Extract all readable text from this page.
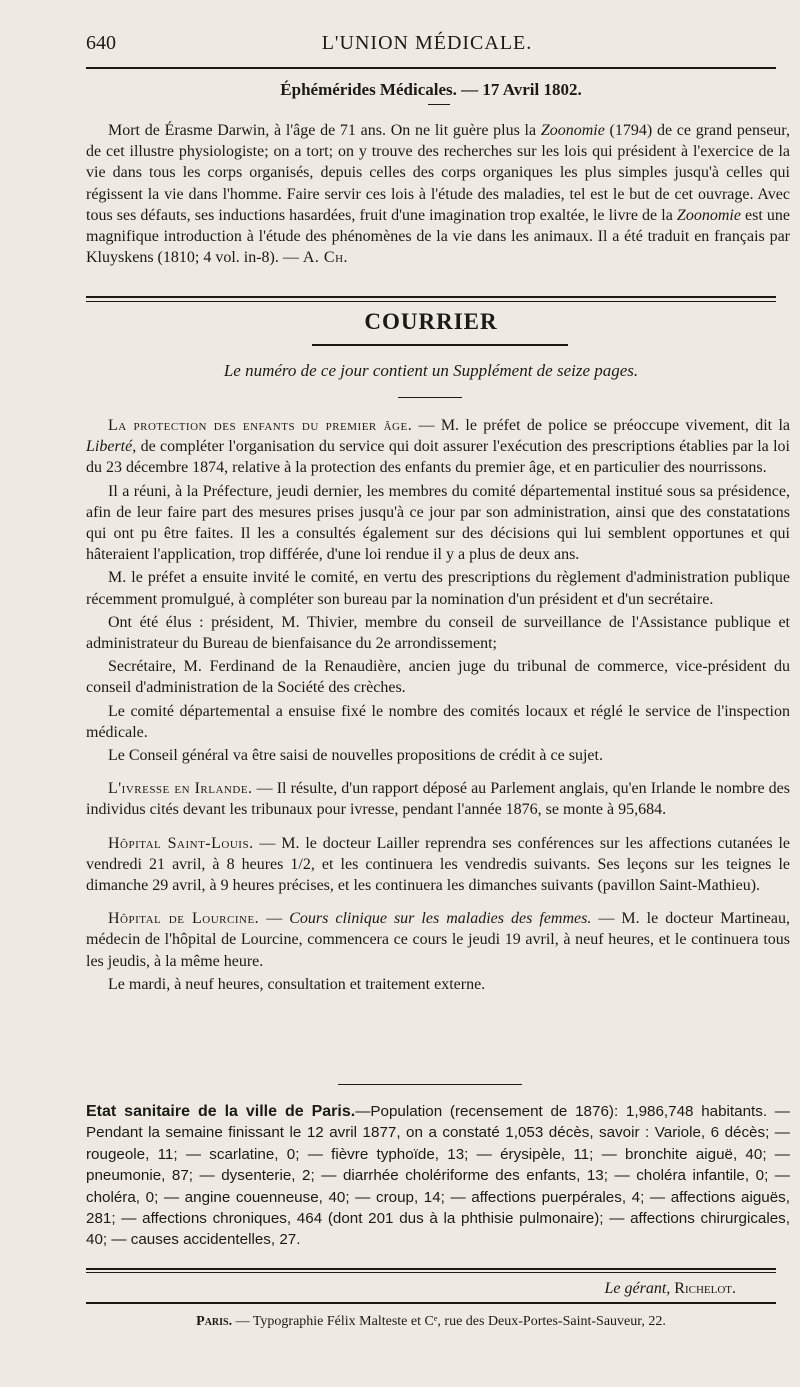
640	L'UNION MÉDICALE.
Éphémérides Médicales. — 17 Avril 1802.

Mort de Érasme Darwin, à l'âge de 71 ans. On ne lit guère plus la Zoonomie (1794) de ce grand penseur, de cet illustre physiologiste; on a tort; on y trouve des recherches sur les lois qui président à l'exercice de la vie dans tous les corps organisés, depuis celles des corps organiques les plus simples jusqu'à celles qui régissent la vie dans l'homme. Faire servir ces lois à l'étude des maladies, tel est le but de cet ouvrage. Avec tous ses défauts, ses inductions hasardées, fruit d'une imagination trop exaltée, le livre de la Zoonomie est une magnifique introduction à l'étude des phénomènes de la vie dans les animaux. Il a été traduit en français par Kluyskens (1810; 4 vol. in-8). — A. Ch.

COURRIER
Le numéro de ce jour contient un Supplément de seize pages.

La protection des enfants du premier âge. — M. le préfet de police se préoccupe vivement, dit la Liberté, de compléter l'organisation du service qui doit assurer l'exécution des prescriptions établies par la loi du 23 décembre 1874, relative à la protection des enfants du premier âge, et en particulier des nourrissons.

Il a réuni, à la Préfecture, jeudi dernier, les membres du comité départemental institué sous sa présidence, afin de leur faire part des mesures prises jusqu'à ce jour par son administration, ainsi que des constatations qui ont pu être faites. Il les a consultés également sur des décisions qui lui semblent opportunes et qui hâteraient l'application, trop différée, d'une loi rendue il y a plus de deux ans.

M. le préfet a ensuite invité le comité, en vertu des prescriptions du règlement d'administration publique récemment promulgué, à compléter son bureau par la nomination d'un président et d'un secrétaire.

Ont été élus : président, M. Thivier, membre du conseil de surveillance de l'Assistance publique et administrateur du Bureau de bienfaisance du 2e arrondissement;

Secrétaire, M. Ferdinand de la Renaudière, ancien juge du tribunal de commerce, vice-président du conseil d'administration de la Société des crèches.

Le comité départemental a ensuise fixé le nombre des comités locaux et réglé le service de l'inspection médicale.

Le Conseil général va être saisi de nouvelles propositions de crédit à ce sujet.

L'ivresse en Irlande. — Il résulte, d'un rapport déposé au Parlement anglais, qu'en Irlande le nombre des individus cités devant les tribunaux pour ivresse, pendant l'année 1876, se monte à 95,684.

Hôpital Saint-Louis. — M. le docteur Lailler reprendra ses conférences sur les affections cutanées le vendredi 21 avril, à 8 heures 1/2, et les continuera les vendredis suivants. Ses leçons sur les teignes le dimanche 29 avril, à 9 heures précises, et les continuera les dimanches suivants (pavillon Saint-Mathieu).

Hôpital de Lourcine. — Cours clinique sur les maladies des femmes. — M. le docteur Martineau, médecin de l'hôpital de Lourcine, commencera ce cours le jeudi 19 avril, à neuf heures, et le continuera tous les jeudis, à la même heure.

Le mardi, à neuf heures, consultation et traitement externe.

Etat sanitaire de la ville de Paris.—Population (recensement de 1876): 1,986,748 habitants. — Pendant la semaine finissant le 12 avril 1877, on a constaté 1,053 décès, savoir : Variole, 6 décès; — rougeole, 11; — scarlatine, 0; — fièvre typhoïde, 13; — érysipèle, 11; — bronchite aiguë, 40; — pneumonie, 87; — dysenterie, 2; — diarrhée cholériforme des enfants, 13; — choléra infantile, 0; — choléra, 0; — angine couenneuse, 40; — croup, 14; — affections puerpérales, 4; — affections aiguës, 281; — affections chroniques, 464 (dont 201 dus à la phthisie pulmonaire); — affections chirurgicales, 40; — causes accidentelles, 27.

Le gérant, Richelot.
Paris. — Typographie Félix Malteste et Cᵉ, rue des Deux-Portes-Saint-Sauveur, 22.
